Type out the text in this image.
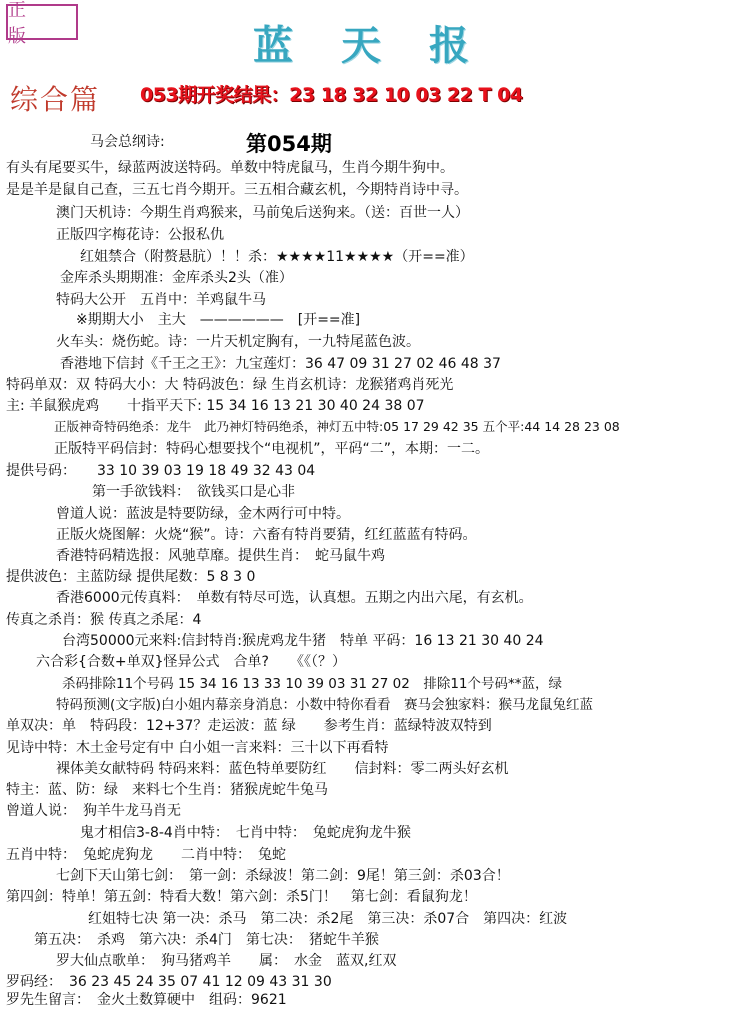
正 版	蓝天报
综合篇 053期开奖结果：23 18 32 10 03 22 T 04
第054期
马会总纲诗:
有头有尾要买牛，绿蓝两波送特码。单数中特虎鼠马，生肖今期牛狗中。
是是羊是鼠自己查，三五七肖今期开。三五相合藏玄机，今期特肖诗中寻。
澳门天机诗：今期生肖鸡猴来，马前兔后送狗来。（送：百世一人）
正版四字梅花诗：公报私仇
红姐禁合（附赘悬肮）！！杀：★★★★11★★★★（开==准）
金库杀头期期准：金库杀头2头（准）
特码大公开　五肖中：羊鸡鼠牛马
※期期大小　主大　——————　[开==准]
火车头：烧伤蛇。诗：一片天机定胸有，一九特尾蓝色波。
香港地下信封《千王之王》：九宝莲灯：36 47 09 31 27 02 46 48 37
特码单双：双 特码大小：大 特码波色：绿 生肖玄机诗：龙猴猪鸡肖死光
主: 羊鼠猴虎鸡　　十指平天下: 15 34 16 13 21 30 40 24 38 07
正版神奇特码绝杀：龙牛　此乃神灯特码绝杀，神灯五中特:05 17 29 42 35 五个平:44 14 28 23 08
正版特平码信封：特码心想要找个“电视机”，平码“二”，本期：一二。
提供号码：　　33 10 39 03 19 18 49 32 43 04
第一手欲钱料：　欲钱买口是心非
曾道人说：蓝波是特要防绿，金木两行可中特。
正版火烧图解：火烧“猴”。诗：六畜有特肖要猜，红红蓝蓝有特码。
香港特码精选报：风驰草靡。提供生肖：　蛇马鼠牛鸡
提供波色：主蓝防绿 提供尾数：5 8 3 0
香港6000元传真料：　单数有特尽可选，认真想。五期之内出六尾，有玄机。
传真之杀肖：猴 传真之杀尾：4
台湾50000元来料:信封特肖:猴虎鸡龙牛猪　特单 平码：16 13 21 30 40 24
六合彩{合数+单双}怪异公式　合单?　　《《（？）
杀码排除11个号码 15 34 16 13 33 10 39 03 31 27 02　排除11个号码**蓝，绿
特码预测(文字版)白小姐内幕亲身消息：小数中特你看看　赛马会独家料：猴马龙鼠兔红蓝
单双决：单　特码段：12+37？走运波：蓝 绿　　参考生肖：蓝绿特波双特到
见诗中特：木土金号定有中 白小姐一言来料：三十以下再看特
裸体美女献特码 特码来料：蓝色特单要防红　　信封料：零二两头好玄机
特主：蓝、防：绿　来料七个生肖：猪猴虎蛇牛兔马
曾道人说：　狗羊牛龙马肖无
鬼才相信3-8-4肖中特：　七肖中特：　兔蛇虎狗龙牛猴
五肖中特：　兔蛇虎狗龙　　二肖中特：　兔蛇
七剑下天山第七剑：　第一剑：杀绿波！第二剑：9尾！第三剑：杀03合！
第四剑：特单！第五剑：特看大数！第六剑：杀5门！　第七剑：看鼠狗龙！
红姐特七决 第一决：杀马　第二决：杀2尾　第三决：杀07合　第四决：红波
第五决：　杀鸡　第六决：杀4门　第七决：　猪蛇牛羊猴
罗大仙点歌单：　狗马猪鸡羊　　属：　水金　蓝双,红双
罗码经：　36 23 45 24 35 07 41 12 09 43 31 30
罗先生留言：　金火土数算硬中　组码：9621
